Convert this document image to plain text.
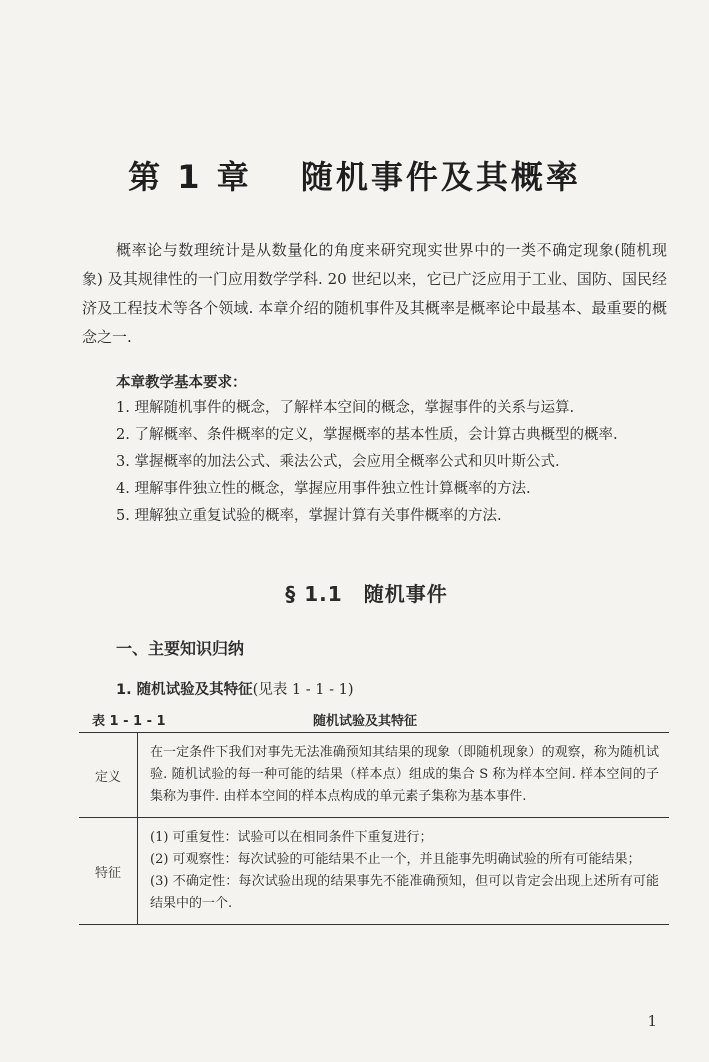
第 1 章　 随机事件及其概率

概率论与数理统计是从数量化的角度来研究现实世界中的一类不确定现象(随机现象) 及其规律性的一门应用数学学科. 20 世纪以来，它已广泛应用于工业、国防、国民经济及工程技术等各个领域. 本章介绍的随机事件及其概率是概率论中最基本、最重要的概念之一.

本章教学基本要求：
1. 理解随机事件的概念，了解样本空间的概念，掌握事件的关系与运算.
2. 了解概率、条件概率的定义，掌握概率的基本性质，会计算古典概型的概率.
3. 掌握概率的加法公式、乘法公式，会应用全概率公式和贝叶斯公式.
4. 理解事件独立性的概念，掌握应用事件独立性计算概率的方法.
5. 理解独立重复试验的概率，掌握计算有关事件概率的方法.
§ 1.1　随机事件
一、主要知识归纳
1. 随机试验及其特征(见表 1 - 1 - 1)
表 1 - 1 - 1	随机试验及其特征
定义	在一定条件下我们对事先无法准确预知其结果的现象（即随机现象）的观察，称为随机试验. 随机试验的每一种可能的结果（样本点）组成的集合 S 称为样本空间. 样本空间的子集称为事件. 由样本空间的样本点构成的单元素子集称为基本事件.

特征	(1) 可重复性：试验可以在相同条件下重复进行；
(2) 可观察性：每次试验的可能结果不止一个，并且能事先明确试验的所有可能结果；
(3) 不确定性：每次试验出现的结果事先不能准确预知，但可以肯定会出现上述所有可能结果中的一个.
1
